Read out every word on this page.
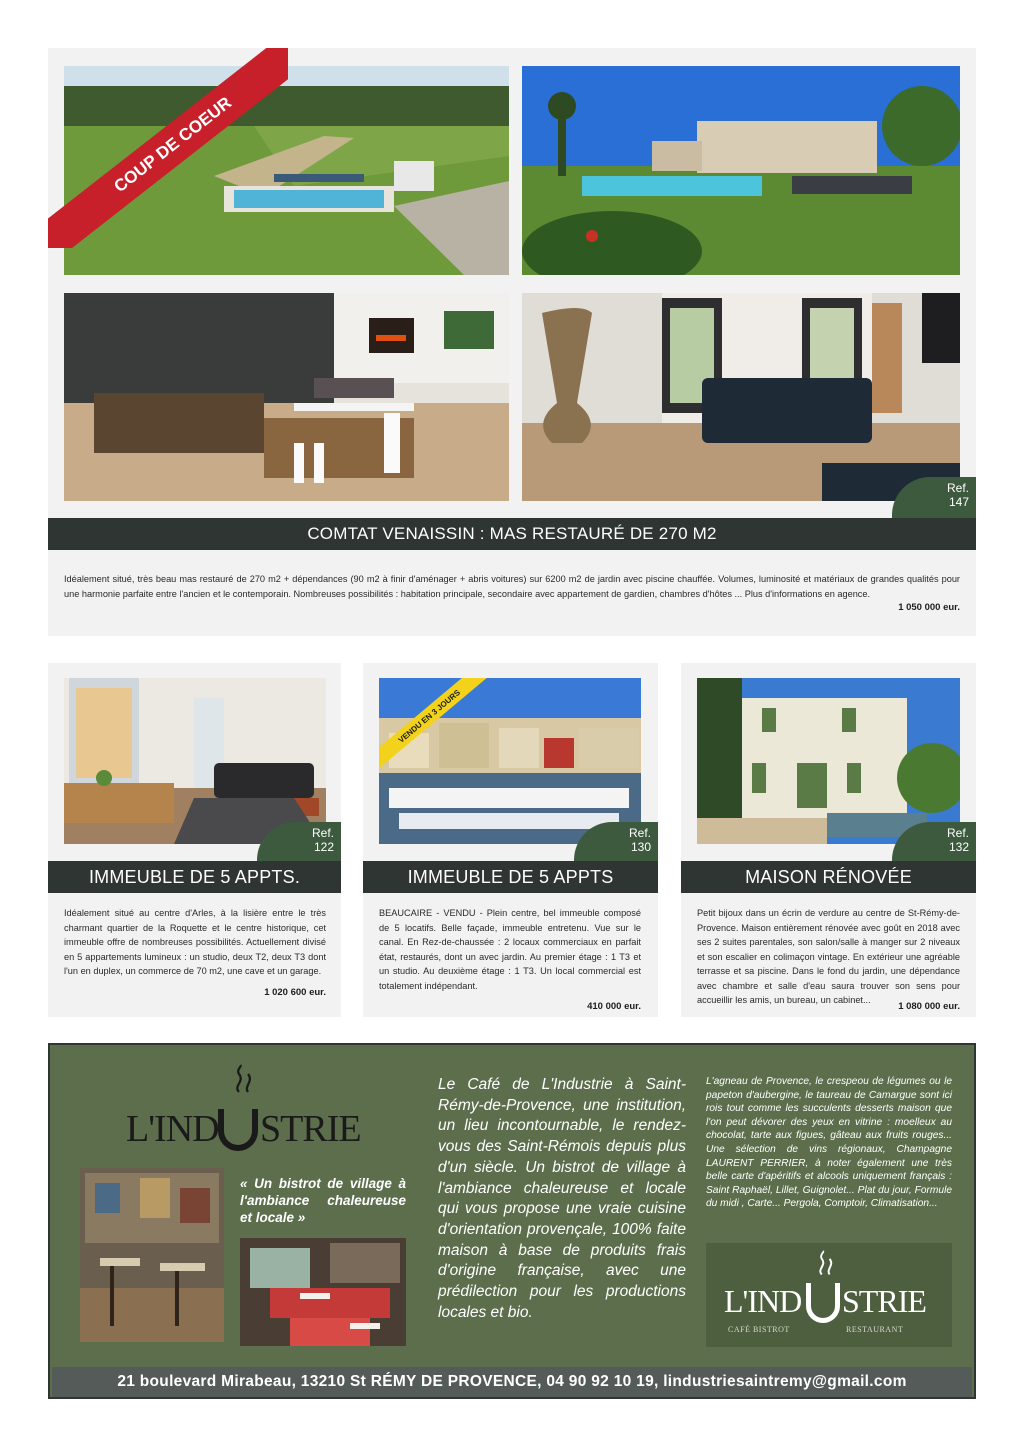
COUP DE COEUR
Ref.
147
COMTAT VENAISSIN : MAS RESTAURÉ DE 270 M2
Idéalement situé, très beau mas restauré de 270 m2 + dépendances (90 m2 à finir d'aménager + abris voitures) sur 6200 m2 de jardin avec piscine chauffée. Volumes, luminosité et matériaux de grandes qualités pour une harmonie parfaite entre l'ancien et le contemporain. Nombreuses possibilités : habitation principale, secondaire avec appartement de gardien, chambres d'hôtes ... Plus d'informations en agence.
1 050 000 eur.
Ref.
122
IMMEUBLE DE 5 APPTS.
Idéalement situé au centre d'Arles, à la lisière entre le très charmant quartier de la Roquette et le centre historique, cet immeuble offre de nombreuses possibilités. Actuellement divisé en 5 appartements lumineux : un studio, deux T2, deux T3 dont l'un en duplex, un commerce de 70 m2, une cave et un garage.
1 020 600 eur.
VENDU EN 3 JOURS
Ref.
130
IMMEUBLE DE 5 APPTS
BEAUCAIRE - VENDU - Plein centre, bel immeuble composé de 5 locatifs. Belle façade, immeuble entretenu. Vue sur le canal. En Rez-de-chaussée : 2 locaux commerciaux en parfait état, restaurés, dont un avec jardin. Au premier étage : 1 T3 et un studio. Au deuxième étage : 1 T3. Un local commercial est totalement indépendant.
410 000 eur.
Ref.
132
MAISON RÉNOVÉE
Petit bijoux dans un écrin de verdure au centre de St-Rémy-de-Provence. Maison entièrement rénovée avec goût en 2018 avec ses 2 suites parentales, son salon/salle à manger sur 2 niveaux et son escalier en colimaçon vintage. En extérieur une agréable terrasse et sa piscine. Dans le fond du jardin, une dépendance avec chambre et salle d'eau saura trouver son sens pour accueillir les amis, un bureau, un cabinet...
1 080 000 eur.
L'IND STRIE
« Un bistrot de village à l'ambiance chaleureuse et locale »
Le Café de L'Industrie à Saint-Rémy-de-Provence, une institution, un lieu incontournable, le rendez-vous des Saint-Rémois depuis plus d'un siècle. Un bistrot de village à l'ambiance chaleureuse et locale qui vous propose une vraie cuisine d'orientation provençale, 100% faite maison à base de produits frais d'origine française, avec une prédilection pour les productions locales et bio.
L'agneau de Provence, le crespeou de légumes ou le papeton d'aubergine, le taureau de Camargue sont ici rois tout comme les succulents desserts maison que l'on peut dévorer des yeux en vitrine : moelleux au chocolat, tarte aux figues, gâteau aux fruits rouges... Une sélection de vins régionaux, Champagne LAURENT PERRIER, à noter également une très belle carte d'apéritifs et alcools uniquement français : Saint Raphaël, Lillet, Guignolet... Plat du jour, Formule du midi , Carte... Pergola, Comptoir, Climatisation...
L'IND STRIE
CAFÉ BISTROT	RESTAURANT
21 boulevard Mirabeau, 13210 St RÉMY DE PROVENCE, 04 90 92 10 19, lindustriesaintremy@gmail.com
